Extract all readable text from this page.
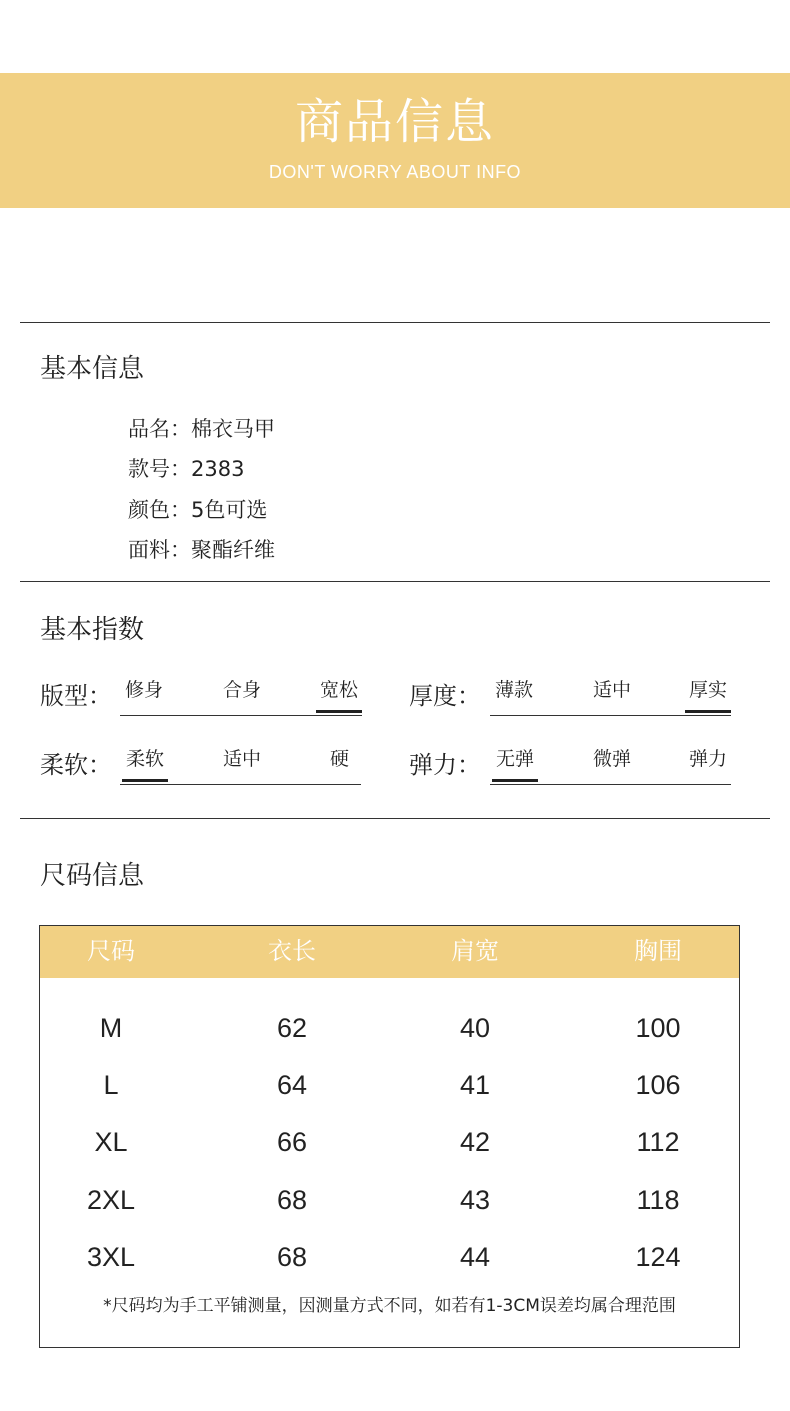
商品信息
DON'T WORRY ABOUT INFO
基本信息
品名：棉衣马甲
款号：2383
颜色：5色可选
面料：聚酯纤维
基本指数
版型： 修身	合身	宽松 厚度： 薄款	适中	厚实
柔软： 柔软	适中	硬 弹力： 无弹	微弹	弹力
尺码信息
尺码	衣长	肩宽	胸围
M	62	40	100
L	64	41	106
XL	66	42	112
2XL	68	43	118
3XL	68	44	124
*尺码均为手工平铺测量，因测量方式不同，如若有1-3CM误差均属合理范围
